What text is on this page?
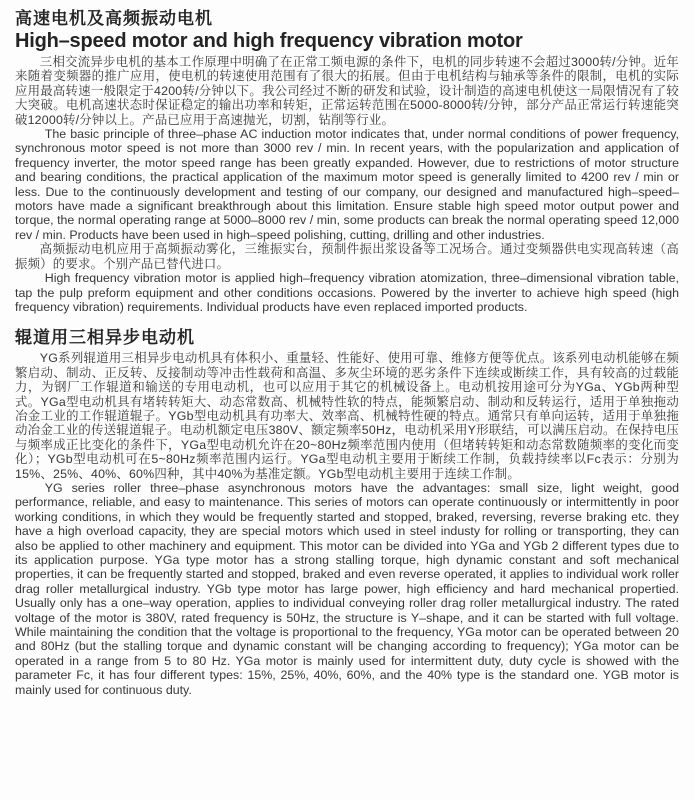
高速电机及高频振动电机
High–speed motor and high frequency vibration motor

三相交流异步电机的基本工作原理中明确了在正常工频电源的条件下，电机的同步转速不会超过3000转/分钟。近年来随着变频器的推广应用，使电机的转速使用范围有了很大的拓展。但由于电机结构与轴承等条件的限制，电机的实际应用最高转速一般限定于4200转/分钟以下。我公司经过不断的研发和试验，设计制造的高速电机使这一局限情况有了较大突破。电机高速状态时保证稳定的输出功率和转矩，正常运转范围在5000-8000转/分钟，部分产品正常运行转速能突破12000转/分钟以上。产品已应用于高速抛光，切割，钻削等行业。

The basic principle of three–phase AC induction motor indicates that, under normal conditions of power frequency, synchronous motor speed is not more than 3000 rev / min. In recent years, with the popularization and application of frequency inverter, the motor speed range has been greatly expanded. However, due to restrictions of motor structure and bearing conditions, the practical application of the maximum motor speed is generally limited to 4200 rev / min or less. Due to the continuously development and testing of our company, our designed and manufactured high–speed–motors have made a significant breakthrough about this limitation. Ensure stable high speed motor output power and torque, the normal operating range at 5000–8000 rev / min, some products can break the normal operating speed 12,000 rev / min. Products have been used in high–speed polishing, cutting, drilling and other industries.

高频振动电机应用于高频振动雾化，三维振实台，预制件振出浆设备等工况场合。通过变频器供电实现高转速（高振频）的要求。个别产品已替代进口。

High frequency vibration motor is applied high–frequency vibration atomization, three–dimensional vibration table, tap the pulp preform equipment and other conditions occasions. Powered by the inverter to achieve high speed (high frequency vibration) requirements. Individual products have even replaced imported products.

辊道用三相异步电动机

YG系列辊道用三相异步电动机具有体积小、重量轻、性能好、使用可靠、维修方便等优点。该系列电动机能够在频繁启动、制动、正反转、反接制动等冲击性载荷和高温、多灰尘环境的恶劣条件下连续或断续工作，具有较高的过载能力，为钢厂工作辊道和输送的专用电动机，也可以应用于其它的机械设备上。电动机按用途可分为YGa、YGb两种型式。YGa型电动机具有堵转转矩大、动态常数高、机械特性软的特点，能频繁启动、制动和反转运行，适用于单独拖动冶金工业的工作辊道辊子。YGb型电动机具有功率大、效率高、机械特性硬的特点。通常只有单向运转，适用于单独拖动冶金工业的传送辊道辊子。电动机额定电压380V、额定频率50Hz，电动机采用Y形联结，可以满压启动。在保持电压与频率成正比变化的条件下，YGa型电动机允许在20~80Hz频率范围内使用（但堵转转矩和动态常数随频率的变化而变化）；YGb型电动机可在5~80Hz频率范围内运行。YGa型电动机主要用于断续工作制，负载持续率以Fc表示：分别为15%、25%、40%、60%四种，其中40%为基准定额。YGb型电动机主要用于连续工作制。

YG series roller three–phase asynchronous motors have the advantages: small size, light weight, good performance, reliable, and easy to maintenance. This series of motors can operate continuously or intermittently in poor working conditions, in which they would be frequently started and stopped, braked, reversing, reverse braking etc. they have a high overload capacity, they are special motors which used in steel industy for rolling or transporting, they can also be applied to other machinery and equipment. This motor can be divided into YGa and YGb 2 different types due to its application purpose. YGa type motor has a strong stalling torque, high dynamic constant and soft mechanical properties, it can be frequently started and stopped, braked and even reverse operated, it applies to individual work roller drag roller metallurgical industry. YGb type motor has large power, high efficiency and hard mechanical propertied. Usually only has a one–way operation, applies to individual conveying roller drag roller metallurgical industry. The rated voltage of the motor is 380V, rated frequency is 50Hz, the structure is Y–shape, and it can be started with full voltage. While maintaining the condition that the voltage is proportional to the frequency, YGa motor can be operated between 20 and 80Hz (but the stalling torque and dynamic constant will be changing according to frequency); YGa motor can be operated in a range from 5 to 80 Hz. YGa motor is mainly used for intermittent duty, duty cycle is showed with the parameter Fc, it has four different types: 15%, 25%, 40%, 60%, and the 40% type is the standard one. YGB motor is mainly used for continuous duty.
